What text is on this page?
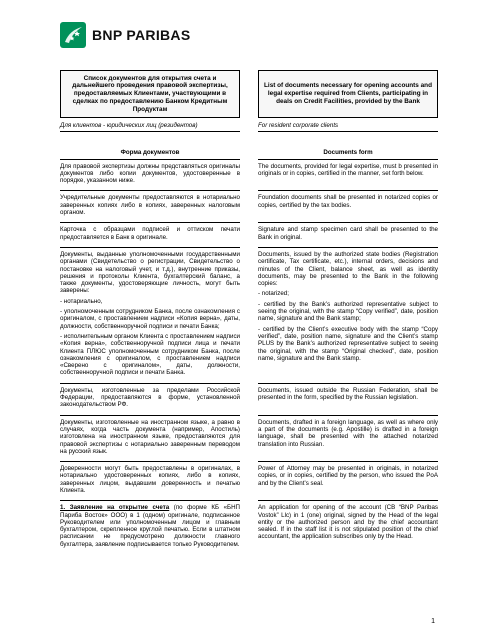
BNP PARIBAS
Список документов для открытия счета и дальнейшего проведения правовой экспертизы, предоставляемых Клиентами, участвующими в сделках по предоставлению Банком Кредитным Продуктам
List of documents necessary for opening accounts and legal expertise required from Clients, participating in deals on Credit Facilities, provided by the Bank
Для клиентов - юридических лиц (резидентов)	For resident corporate clients
Форма документов	Documents form

Для правовой экспертизы должны представляться оригиналы документов либо копии документов, удостоверенные в порядке, указанном ниже.

The documents, provided for legal expertise, must b presented in originals or in copies, certified in the manner, set forth below.

Учредительные документы предоставляются в нотариально заверенных копиях либо в копиях, заверенных налоговым органом.

Foundation documents shall be presented in notarized copies or copies, certified by the tax bodies.

Карточка с образцами подписей и оттиском печати предоставляется в Банк в оригинале.

Signature and stamp specimen card shall be presented to the Bank in original.

Документы, выданные уполномоченными государственными органами (Свидетельство о регистрации, Свидетельство о постановке на налоговый учет, и т.д.), внутренние приказы, решения и протоколы Клиента, бухгалтерский баланс, а также документы, удостоверяющие личность, могут быть заверены:

- нотариально,

- уполномоченным сотрудником Банка, после ознакомления с оригиналом, с проставлением надписи «Копия верна», даты, должности, собственноручной подписи и печати Банка;

- исполнительным органом Клиента с проставлением надписи «Копия верна», собственноручной подписи лица и печати Клиента ПЛЮС уполномоченным сотрудником Банка, после ознакомления с оригиналом, с проставлением надписи «Сверено с оригиналом», даты, должности, собственноручной подписи и печати Банка.

Documents, issued by the authorized state bodies (Registration certificate, Tax certificate, etc.), internal orders, decisions and minutes of the Client, balance sheet, as well as identity documents, may be presented to the Bank in the following copies:

- notarized;

- certified by the Bank’s authorized representative subject to seeing the original, with the stamp “Copy verified”, date, position name, signature and the Bank stamp;

- certified by the Client’s executive body with the stamp “Copy verified”, date, position name, signature and the Client’s stamp PLUS by the Bank’s authorized representative subject to seeing the original, with the stamp “Original checked”, date, position name, signature and the Bank stamp.

Документы, изготовленные за пределами Российской Федерации, предоставляются в форме, установленной законодательством РФ.

Documents, issued outside the Russian Federation, shall be presented in the form, specified by the Russian legislation.

Документы, изготовленные на иностранном языке, а равно в случаях, когда часть документа (например, Апостиль) изготовлена на иностранном языке, предоставляются для правовой экспертизы с нотариально заверенным переводом на русский язык.

Documents, drafted in a foreign language, as well as where only a part of the documents (e.g. Apostille) is drafted in a foreign language, shall be presented with the attached notarized translation into Russian.

Доверенности могут быть предоставлены в оригиналах, в нотариально удостоверенных копиях, либо в копиях, заверенных лицом, выдавшим доверенность и печатью Клиента.

Power of Attorney may be presented in originals, in notarized copies, or in copies, certified by the person, who issued the PoA and by the Client’s seal.

1. Заявление на открытие счета (по форме КБ «БНП Париба Восток» ООО) в 1 (одном) оригинале, подписанное Руководителем или уполномоченным лицом и главным бухгалтером, скрепленное круглой печатью. Если в штатном расписании не предусмотрено должности главного бухгалтера, заявление подписывается только Руководителем.

An application for opening of the account (CB “BNP Paribas Vostok” Llc) in 1 (one) original, signed by the Head of the legal entity or the authorized person and by the chief accountant sealed. If in the staff list it is not stipulated position of the chief accountant, the application subscribes only by the Head.

1
